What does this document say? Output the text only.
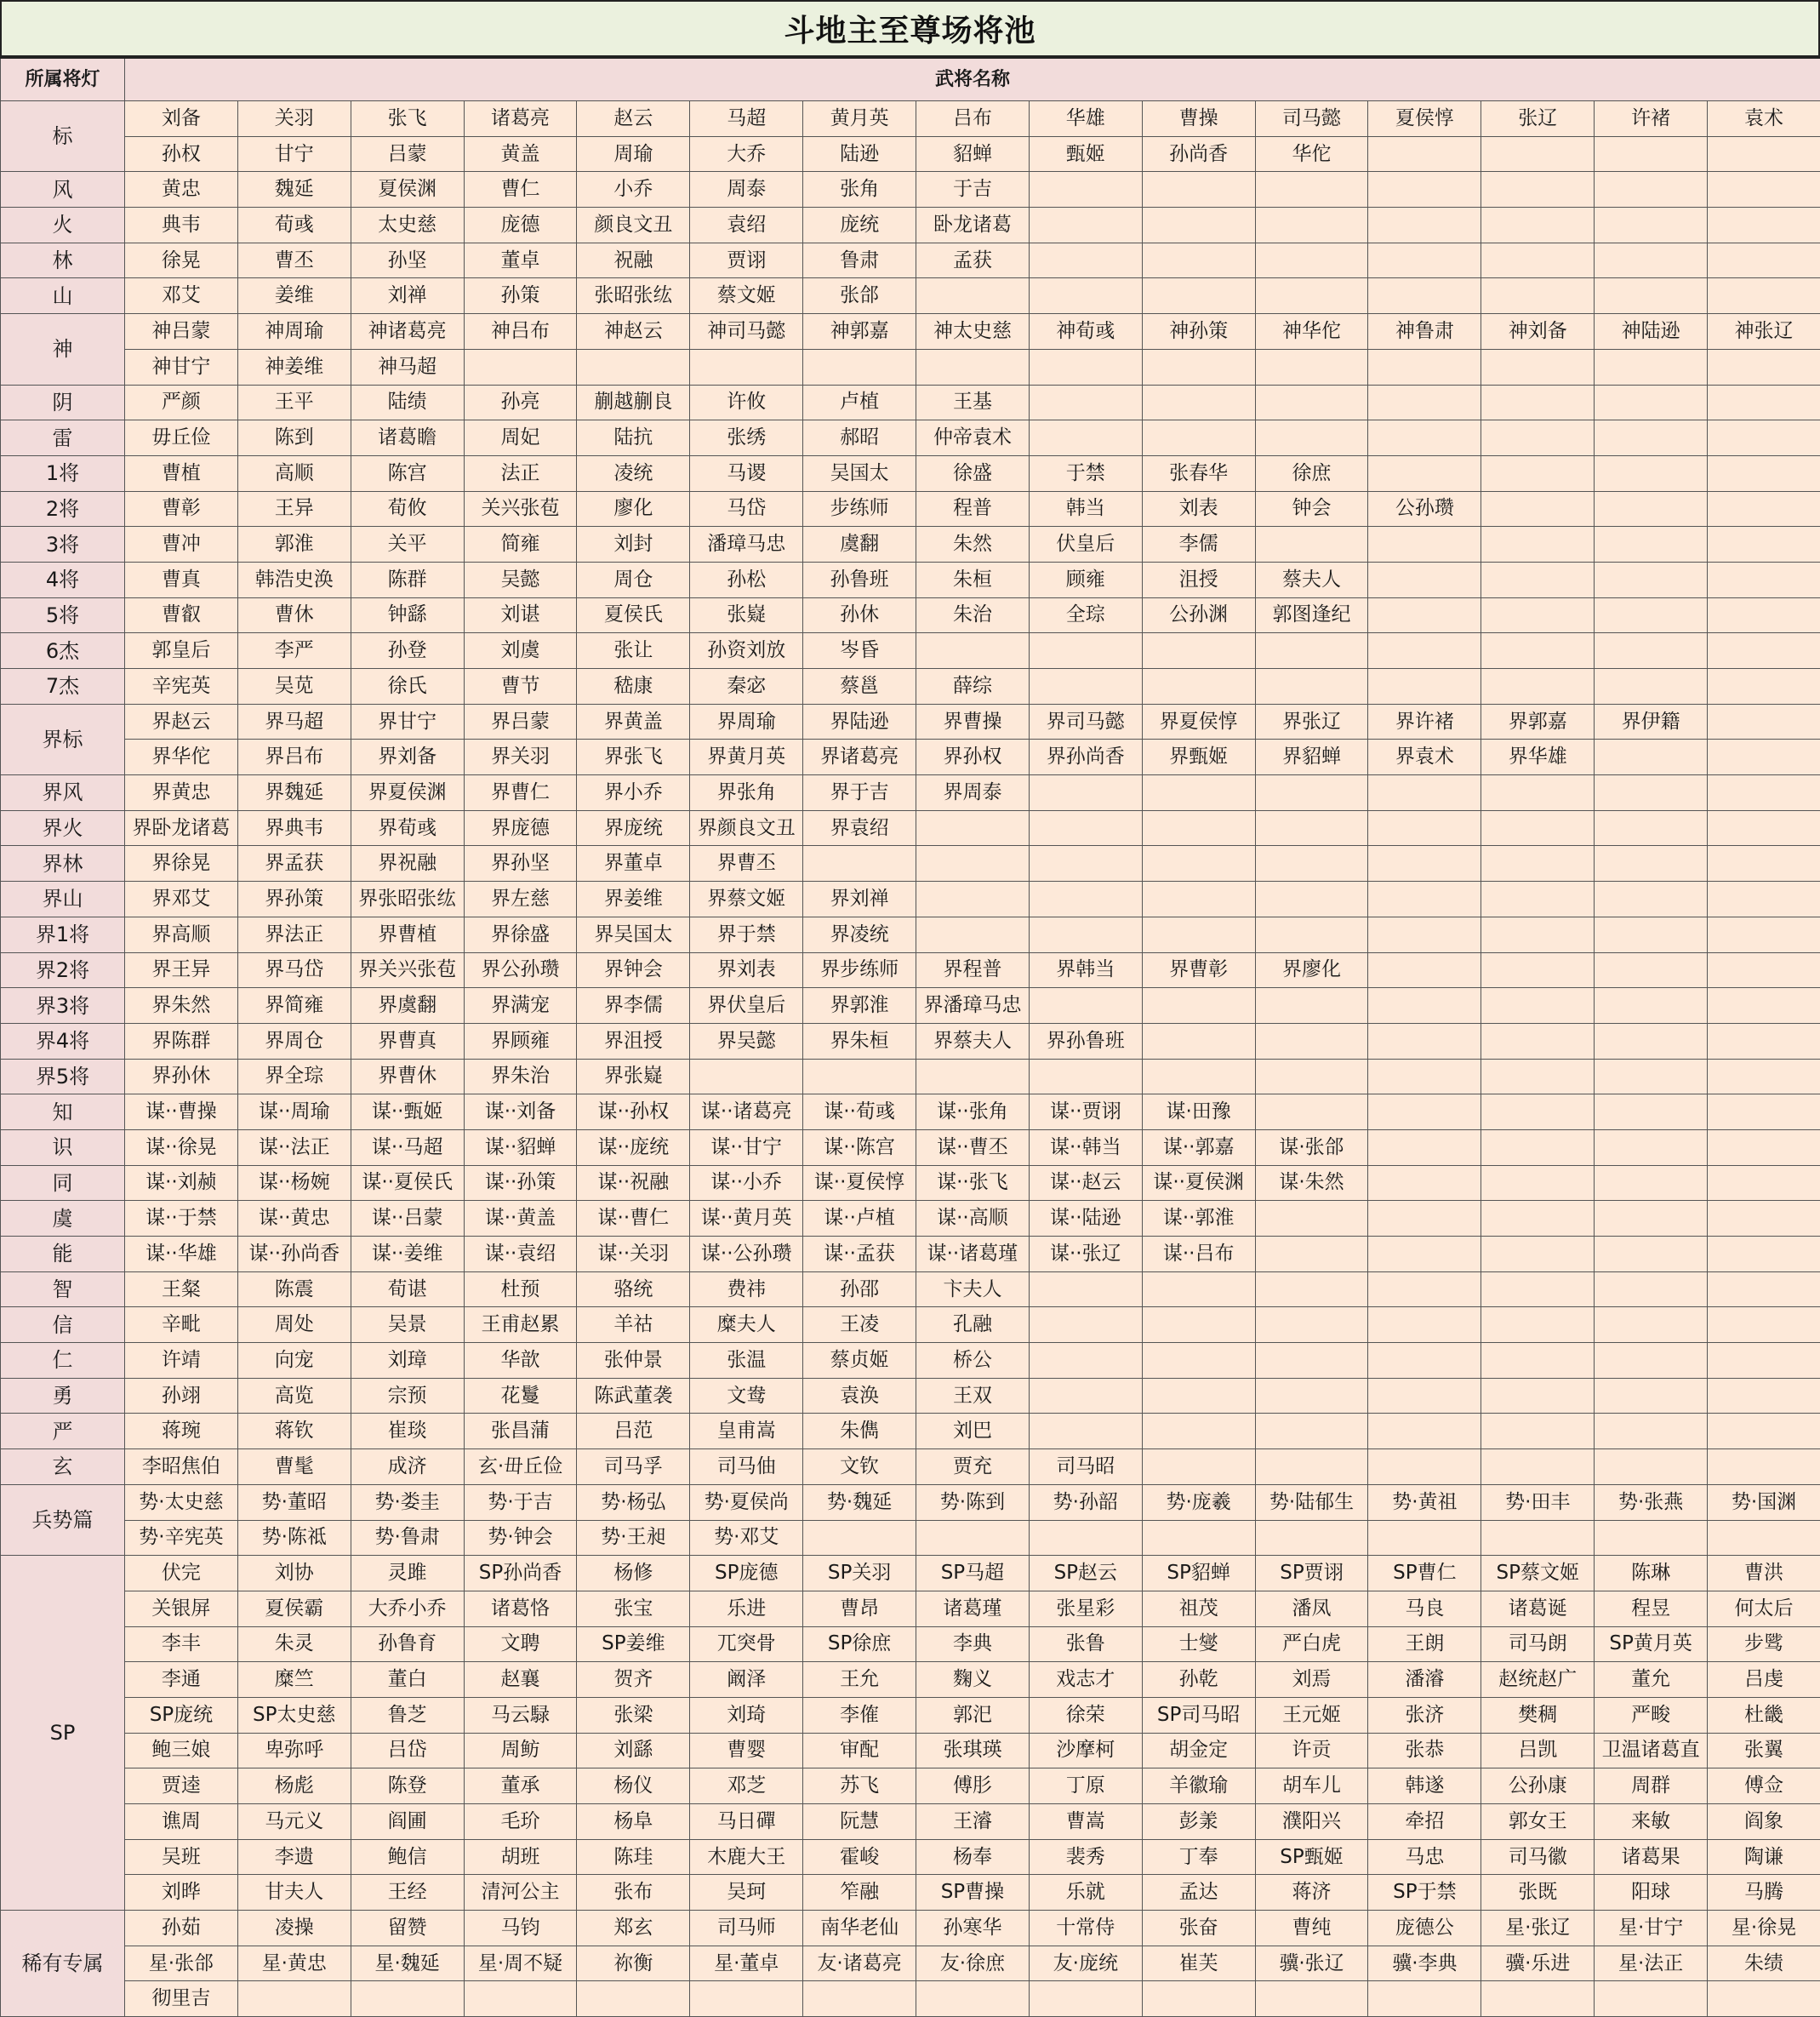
斗地主至尊场将池
所属将灯	武将名称														
标	刘备	关羽	张飞	诸葛亮	赵云	马超	黄月英	吕布	华雄	曹操	司马懿	夏侯惇	张辽	许褚	袁术
	孙权	甘宁	吕蒙	黄盖	周瑜	大乔	陆逊	貂蝉	甄姬	孙尚香	华佗				
风	黄忠	魏延	夏侯渊	曹仁	小乔	周泰	张角	于吉							
火	典韦	荀彧	太史慈	庞德	颜良文丑	袁绍	庞统	卧龙诸葛							
林	徐晃	曹丕	孙坚	董卓	祝融	贾诩	鲁肃	孟获							
山	邓艾	姜维	刘禅	孙策	张昭张纮	蔡文姬	张郃								
神	神吕蒙	神周瑜	神诸葛亮	神吕布	神赵云	神司马懿	神郭嘉	神太史慈	神荀彧	神孙策	神华佗	神鲁肃	神刘备	神陆逊	神张辽
	神甘宁	神姜维	神马超												
阴	严颜	王平	陆绩	孙亮	蒯越蒯良	许攸	卢植	王基							
雷	毋丘俭	陈到	诸葛瞻	周妃	陆抗	张绣	郝昭	仲帝袁术							
1将	曹植	高顺	陈宫	法正	凌统	马谡	吴国太	徐盛	于禁	张春华	徐庶				
2将	曹彰	王异	荀攸	关兴张苞	廖化	马岱	步练师	程普	韩当	刘表	钟会	公孙瓒			
3将	曹冲	郭淮	关平	简雍	刘封	潘璋马忠	虞翻	朱然	伏皇后	李儒					
4将	曹真	韩浩史涣	陈群	吴懿	周仓	孙松	孙鲁班	朱桓	顾雍	沮授	蔡夫人				
5将	曹叡	曹休	钟繇	刘谌	夏侯氏	张嶷	孙休	朱治	全琮	公孙渊	郭图逢纪				
6杰	郭皇后	李严	孙登	刘虞	张让	孙资刘放	岑昏								
7杰	辛宪英	吴苋	徐氏	曹节	嵇康	秦宓	蔡邕	薛综							
界标	界赵云	界马超	界甘宁	界吕蒙	界黄盖	界周瑜	界陆逊	界曹操	界司马懿	界夏侯惇	界张辽	界许褚	界郭嘉	界伊籍	
	界华佗	界吕布	界刘备	界关羽	界张飞	界黄月英	界诸葛亮	界孙权	界孙尚香	界甄姬	界貂蝉	界袁术	界华雄		
界风	界黄忠	界魏延	界夏侯渊	界曹仁	界小乔	界张角	界于吉	界周泰							
界火	界卧龙诸葛	界典韦	界荀彧	界庞德	界庞统	界颜良文丑	界袁绍								
界林	界徐晃	界孟获	界祝融	界孙坚	界董卓	界曹丕									
界山	界邓艾	界孙策	界张昭张纮	界左慈	界姜维	界蔡文姬	界刘禅								
界1将	界高顺	界法正	界曹植	界徐盛	界吴国太	界于禁	界凌统								
界2将	界王异	界马岱	界关兴张苞	界公孙瓒	界钟会	界刘表	界步练师	界程普	界韩当	界曹彰	界廖化				
界3将	界朱然	界简雍	界虞翻	界满宠	界李儒	界伏皇后	界郭淮	界潘璋马忠							
界4将	界陈群	界周仓	界曹真	界顾雍	界沮授	界吴懿	界朱桓	界蔡夫人	界孙鲁班						
界5将	界孙休	界全琮	界曹休	界朱治	界张嶷										
知	谋··曹操	谋··周瑜	谋··甄姬	谋··刘备	谋··孙权	谋··诸葛亮	谋··荀彧	谋··张角	谋··贾诩	谋·田豫					
识	谋··徐晃	谋··法正	谋··马超	谋··貂蝉	谋··庞统	谋··甘宁	谋··陈宫	谋··曹丕	谋··韩当	谋··郭嘉	谋·张郃				
同	谋··刘赪	谋··杨婉	谋··夏侯氏	谋··孙策	谋··祝融	谋··小乔	谋··夏侯惇	谋··张飞	谋··赵云	谋··夏侯渊	谋·朱然				
虞	谋··于禁	谋··黄忠	谋··吕蒙	谋··黄盖	谋··曹仁	谋··黄月英	谋··卢植	谋··高顺	谋··陆逊	谋··郭淮					
能	谋··华雄	谋··孙尚香	谋··姜维	谋··袁绍	谋··关羽	谋··公孙瓒	谋··孟获	谋··诸葛瑾	谋··张辽	谋··吕布					
智	王粲	陈震	荀谌	杜预	骆统	费祎	孙邵	卞夫人							
信	辛毗	周处	吴景	王甫赵累	羊祜	糜夫人	王凌	孔融							
仁	许靖	向宠	刘璋	华歆	张仲景	张温	蔡贞姬	桥公							
勇	孙翊	高览	宗预	花鬘	陈武董袭	文鸯	袁涣	王双							
严	蒋琬	蒋钦	崔琰	张昌蒲	吕范	皇甫嵩	朱儁	刘巴							
玄	李昭焦伯	曹髦	成济	玄·毌丘俭	司马孚	司马伷	文钦	贾充	司马昭						
兵势篇	势·太史慈	势·董昭	势·娄圭	势·于吉	势·杨弘	势·夏侯尚	势·魏延	势·陈到	势·孙韶	势·庞羲	势·陆郁生	势·黄祖	势·田丰	势·张燕	势·国渊
	势·辛宪英	势·陈祗	势·鲁肃	势·钟会	势·王昶	势·邓艾									
SP	伏完	刘协	灵雎	SP孙尚香	杨修	SP庞德	SP关羽	SP马超	SP赵云	SP貂蝉	SP贾诩	SP曹仁	SP蔡文姬	陈琳	曹洪
	关银屏	夏侯霸	大乔小乔	诸葛恪	张宝	乐进	曹昂	诸葛瑾	张星彩	祖茂	潘凤	马良	诸葛诞	程昱	何太后
	李丰	朱灵	孙鲁育	文聘	SP姜维	兀突骨	SP徐庶	李典	张鲁	士燮	严白虎	王朗	司马朗	SP黄月英	步骘
	李通	糜竺	董白	赵襄	贺齐	阚泽	王允	麴义	戏志才	孙乾	刘焉	潘濬	赵统赵广	董允	吕虔
	SP庞统	SP太史慈	鲁芝	马云騄	张梁	刘琦	李傕	郭汜	徐荣	SP司马昭	王元姬	张济	樊稠	严畯	杜畿
	鲍三娘	卑弥呼	吕岱	周鲂	刘繇	曹婴	审配	张琪瑛	沙摩柯	胡金定	许贡	张恭	吕凯	卫温诸葛直	张翼
	贾逵	杨彪	陈登	董承	杨仪	邓芝	苏飞	傅肜	丁原	羊徽瑜	胡车儿	韩遂	公孙康	周群	傅佥
	谯周	马元义	阎圃	毛玠	杨阜	马日磾	阮慧	王濬	曹嵩	彭羕	濮阳兴	牵招	郭女王	来敏	阎象
	吴班	李遗	鲍信	胡班	陈珪	木鹿大王	霍峻	杨奉	裴秀	丁奉	SP甄姬	马忠	司马徽	诸葛果	陶谦
	刘晔	甘夫人	王经	清河公主	张布	吴珂	笮融	SP曹操	乐就	孟达	蒋济	SP于禁	张既	阳球	马腾
稀有专属	孙茹	凌操	留赞	马钧	郑玄	司马师	南华老仙	孙寒华	十常侍	张奋	曹纯	庞德公	星·张辽	星·甘宁	星·徐晃
	星·张郃	星·黄忠	星·魏延	星·周不疑	祢衡	星·董卓	友·诸葛亮	友·徐庶	友·庞统	崔芙	骥·张辽	骥·李典	骥·乐进	星·法正	朱绩
	彻里吉														
